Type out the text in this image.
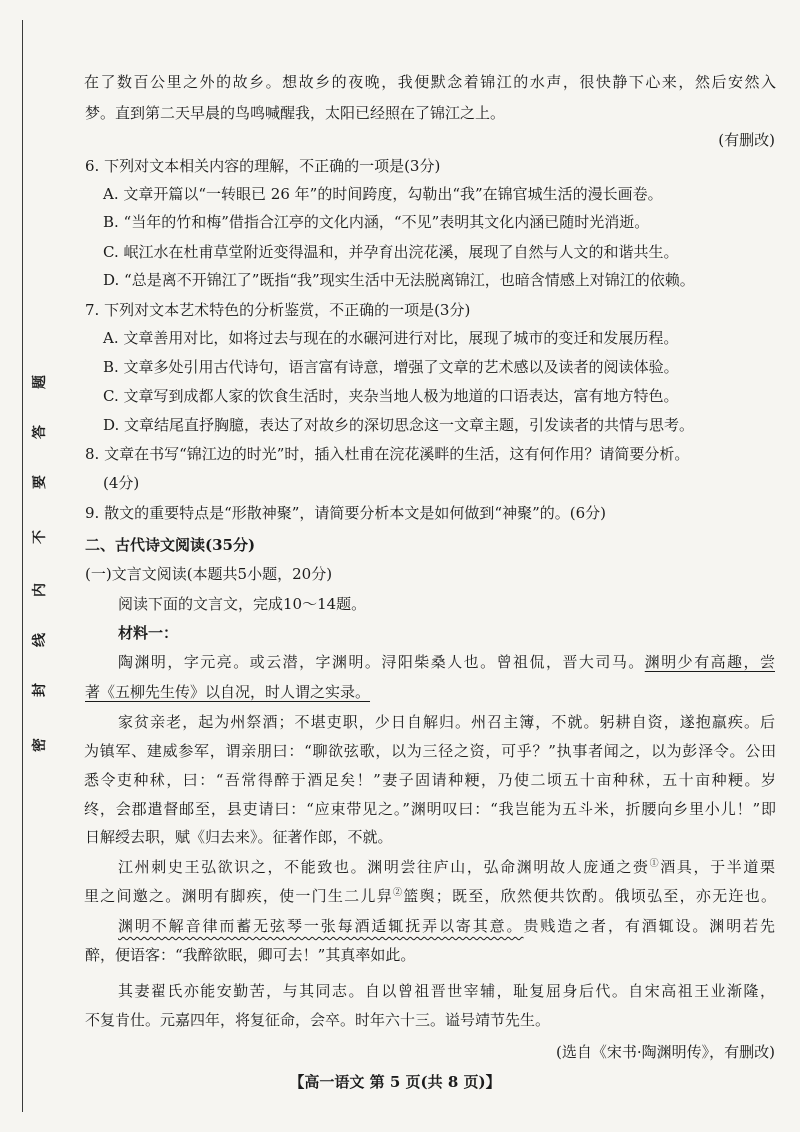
题
答
要
不
内
线
封
密
在了数百公里之外的故乡。想故乡的夜晚，我便默念着锦江的水声，很快静下心来，然后安然入
梦。直到第二天早晨的鸟鸣喊醒我，太阳已经照在了锦江之上。
(有删改)
6. 下列对文本相关内容的理解，不正确的一项是(3分)
A. 文章开篇以“一转眼已 26 年”的时间跨度，勾勒出“我”在锦官城生活的漫长画卷。
B. “当年的竹和梅”借指合江亭的文化内涵，“不见”表明其文化内涵已随时光消逝。
C. 岷江水在杜甫草堂附近变得温和，并孕育出浣花溪，展现了自然与人文的和谐共生。
D. “总是离不开锦江了”既指“我”现实生活中无法脱离锦江，也暗含情感上对锦江的依赖。
7. 下列对文本艺术特色的分析鉴赏，不正确的一项是(3分)
A. 文章善用对比，如将过去与现在的水碾河进行对比，展现了城市的变迁和发展历程。
B. 文章多处引用古代诗句，语言富有诗意，增强了文章的艺术感以及读者的阅读体验。
C. 文章写到成都人家的饮食生活时，夹杂当地人极为地道的口语表达，富有地方特色。
D. 文章结尾直抒胸臆，表达了对故乡的深切思念这一文章主题，引发读者的共情与思考。
8. 文章在书写“锦江边的时光”时，插入杜甫在浣花溪畔的生活，这有何作用？请简要分析。
(4分)
9. 散文的重要特点是“形散神聚”，请简要分析本文是如何做到“神聚”的。(6分)
二、古代诗文阅读(35分)
(一)文言文阅读(本题共5小题，20分)
阅读下面的文言文，完成10～14题。
材料一：
陶渊明，字元亮。或云潜，字渊明。浔阳柴桑人也。曾祖侃，晋大司马。渊明少有高趣，尝
著《五柳先生传》以自况，时人谓之实录。
家贫亲老，起为州祭酒；不堪吏职，少日自解归。州召主簿，不就。躬耕自资，遂抱羸疾。后
为镇军、建威参军，谓亲朋曰：“聊欲弦歌，以为三径之资，可乎？”执事者闻之，以为彭泽令。公田
悉令吏种秫，曰：“吾常得醉于酒足矣！”妻子固请种粳，乃使二顷五十亩种秫，五十亩种粳。岁
终，会郡遣督邮至，县吏请曰：“应束带见之。”渊明叹曰：“我岂能为五斗米，折腰向乡里小儿！”即
日解绶去职，赋《归去来》。征著作郎，不就。
江州刺史王弘欲识之，不能致也。渊明尝往庐山，弘命渊明故人庞通之赍①酒具，于半道栗
里之间邀之。渊明有脚疾，使一门生二儿舁②篮舆；既至，欣然便共饮酌。俄顷弘至，亦无迕也。
渊明不解音律而蓄无弦琴一张每酒适辄抚弄以寄其意。贵贱造之者，有酒辄设。渊明若先
醉，便语客：“我醉欲眠，卿可去！”其真率如此。
其妻翟氏亦能安勤苦，与其同志。自以曾祖晋世宰辅，耻复屈身后代。自宋高祖王业渐隆，
不复肯仕。元嘉四年，将复征命，会卒。时年六十三。谥号靖节先生。
(选自《宋书·陶渊明传》，有删改)
【高一语文 第 5 页(共 8 页)】
